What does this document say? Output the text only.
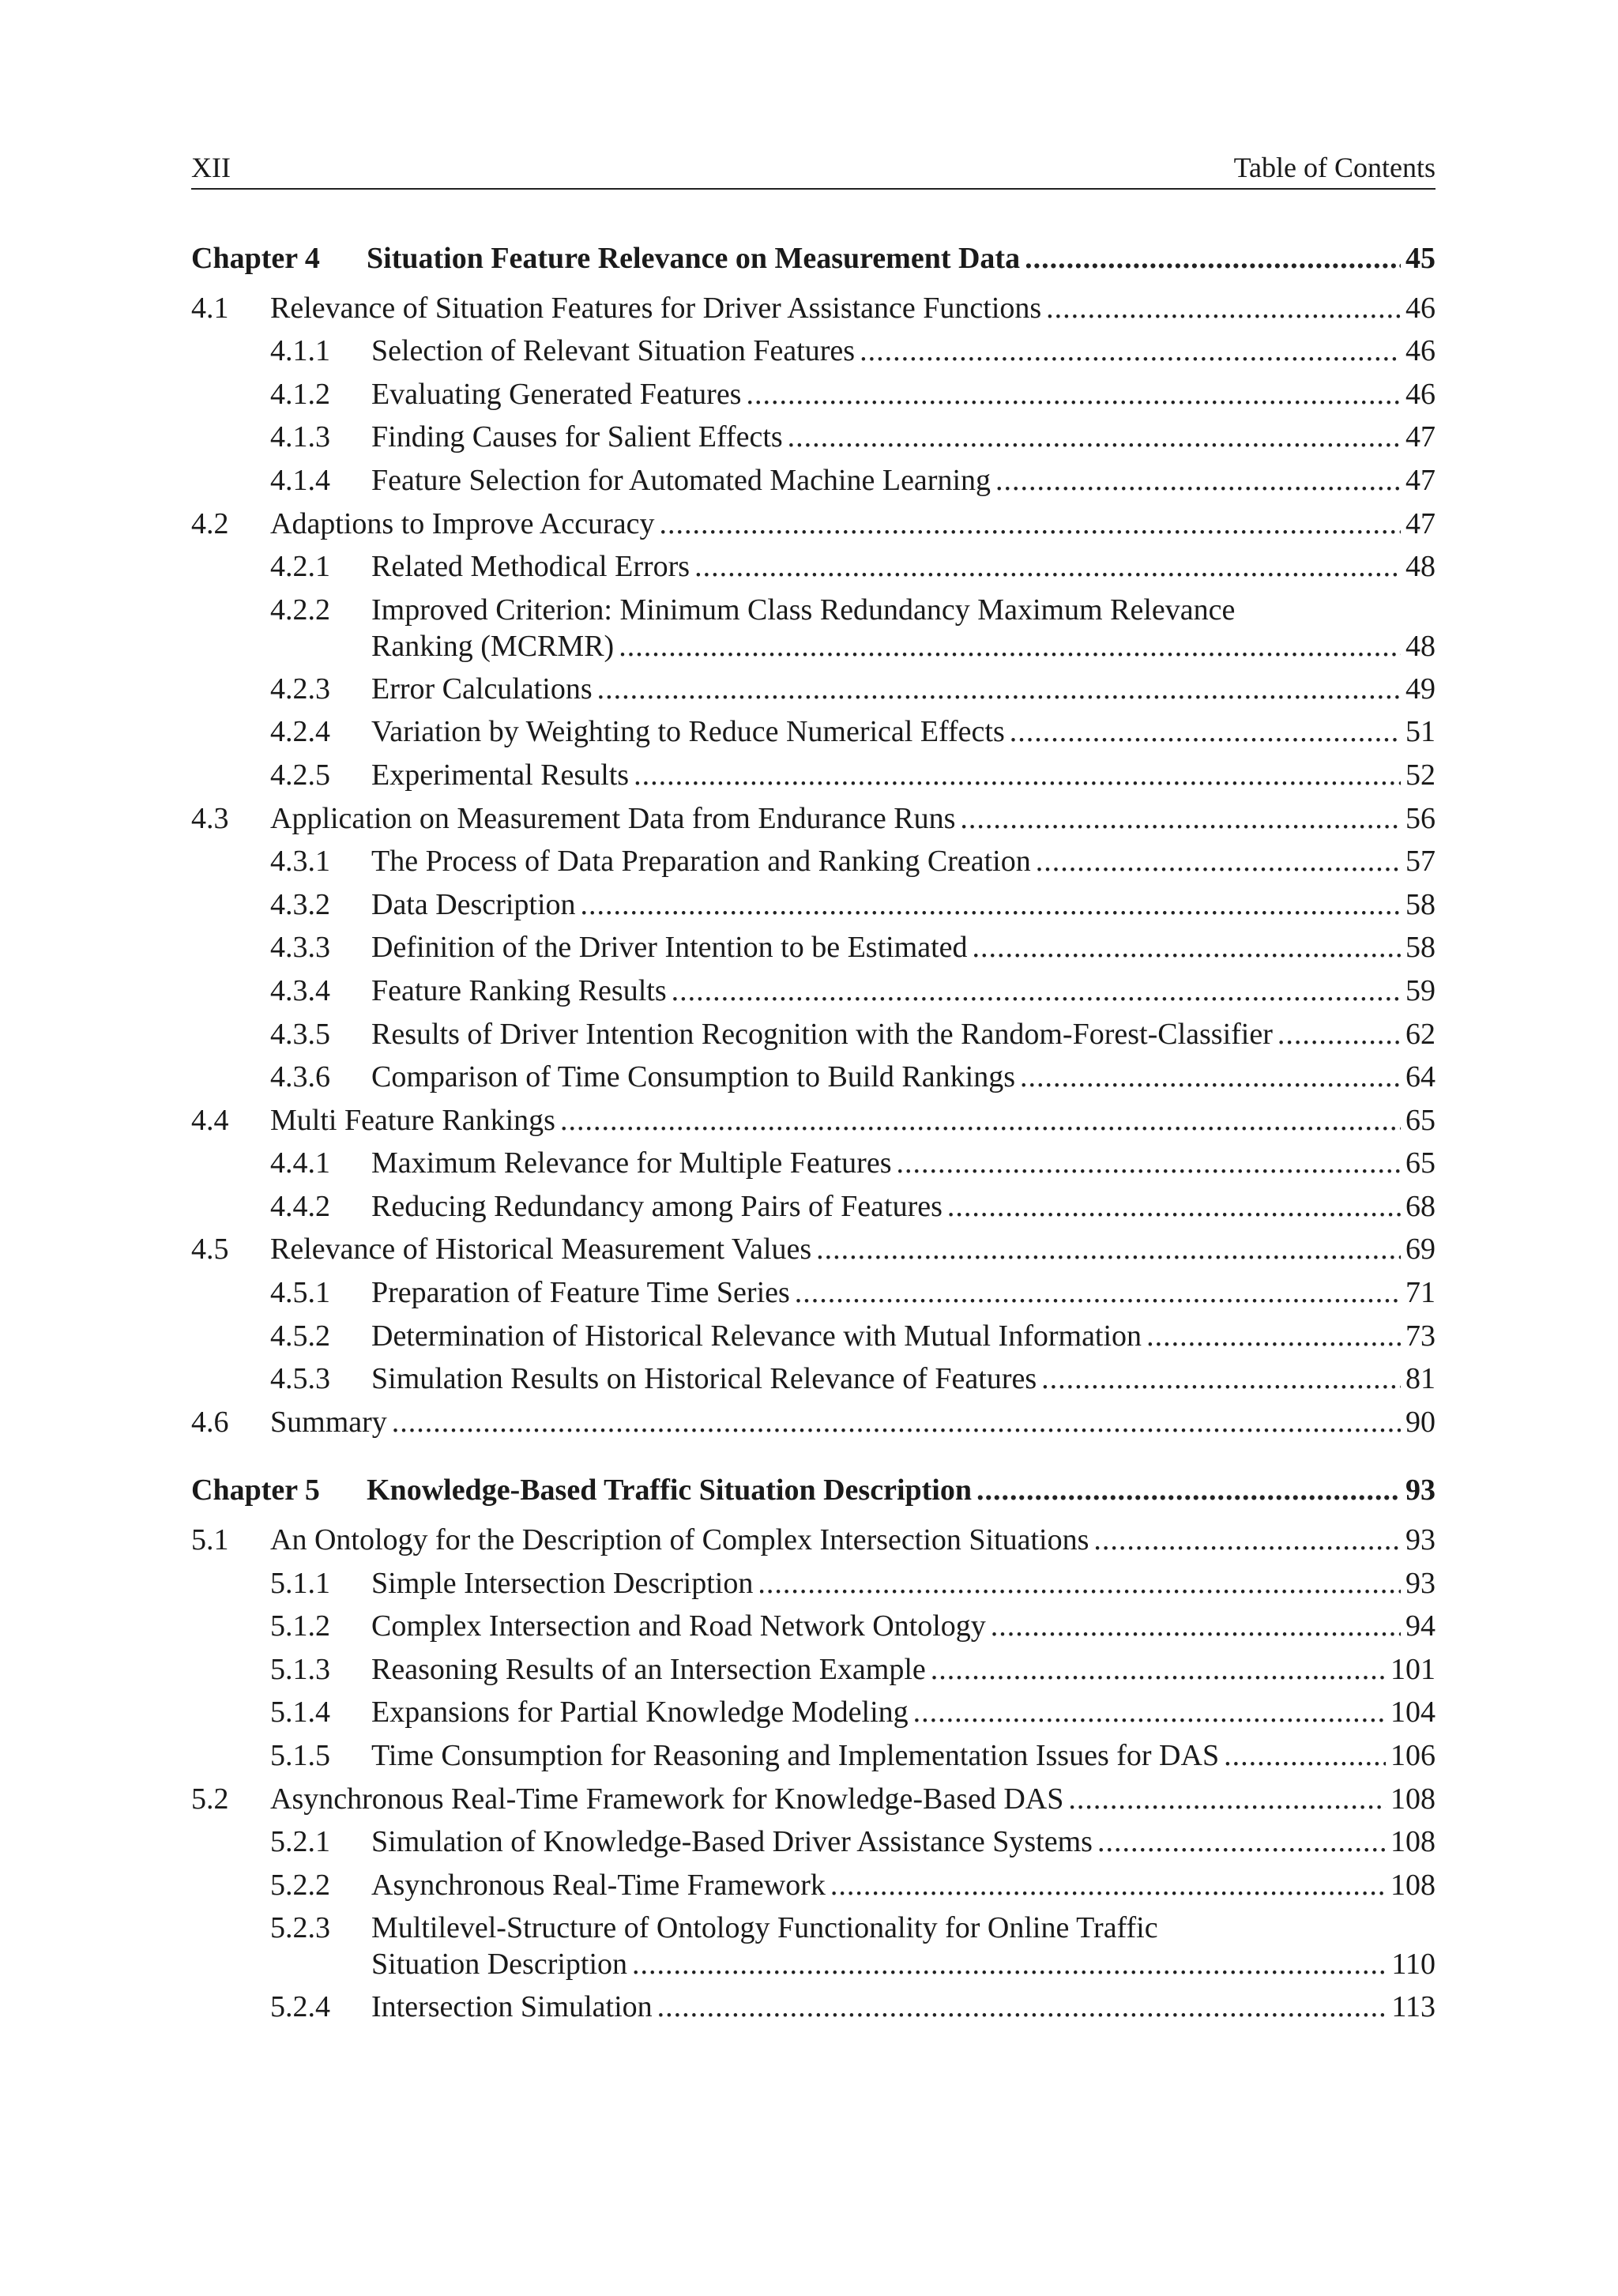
XII	Table of Contents
Chapter 4 Situation Feature Relevance on Measurement Data .....	45
4.1 Relevance of Situation Features for Driver Assistance Functions .....	46
4.1.1 Selection of Relevant Situation Features .....	46
4.1.2 Evaluating Generated Features .....	46
4.1.3 Finding Causes for Salient Effects .....	47
4.1.4 Feature Selection for Automated Machine Learning .....	47
4.2 Adaptions to Improve Accuracy .....	47
4.2.1 Related Methodical Errors .....	48
4.2.2 Improved Criterion: Minimum Class Redundancy Maximum Relevance
Ranking (MCRMR) .....	48
4.2.3 Error Calculations .....	49
4.2.4 Variation by Weighting to Reduce Numerical Effects .....	51
4.2.5 Experimental Results .....	52
4.3 Application on Measurement Data from Endurance Runs .....	56
4.3.1 The Process of Data Preparation and Ranking Creation .....	57
4.3.2 Data Description .....	58
4.3.3 Definition of the Driver Intention to be Estimated .....	58
4.3.4 Feature Ranking Results .....	59
4.3.5 Results of Driver Intention Recognition with the Random-Forest-Classifier .....	62
4.3.6 Comparison of Time Consumption to Build Rankings .....	64
4.4 Multi Feature Rankings .....	65
4.4.1 Maximum Relevance for Multiple Features .....	65
4.4.2 Reducing Redundancy among Pairs of Features .....	68
4.5 Relevance of Historical Measurement Values .....	69
4.5.1 Preparation of Feature Time Series .....	71
4.5.2 Determination of Historical Relevance with Mutual Information .....	73
4.5.3 Simulation Results on Historical Relevance of Features .....	81
4.6 Summary .....	90
Chapter 5 Knowledge-Based Traffic Situation Description .....	93
5.1 An Ontology for the Description of Complex Intersection Situations .....	93
5.1.1 Simple Intersection Description .....	93
5.1.2 Complex Intersection and Road Network Ontology .....	94
5.1.3 Reasoning Results of an Intersection Example .....	101
5.1.4 Expansions for Partial Knowledge Modeling .....	104
5.1.5 Time Consumption for Reasoning and Implementation Issues for DAS .....	106
5.2 Asynchronous Real-Time Framework for Knowledge-Based DAS .....	108
5.2.1 Simulation of Knowledge-Based Driver Assistance Systems .....	108
5.2.2 Asynchronous Real-Time Framework .....	108
5.2.3 Multilevel-Structure of Ontology Functionality for Online Traffic
Situation Description .....	110
5.2.4 Intersection Simulation .....	113
